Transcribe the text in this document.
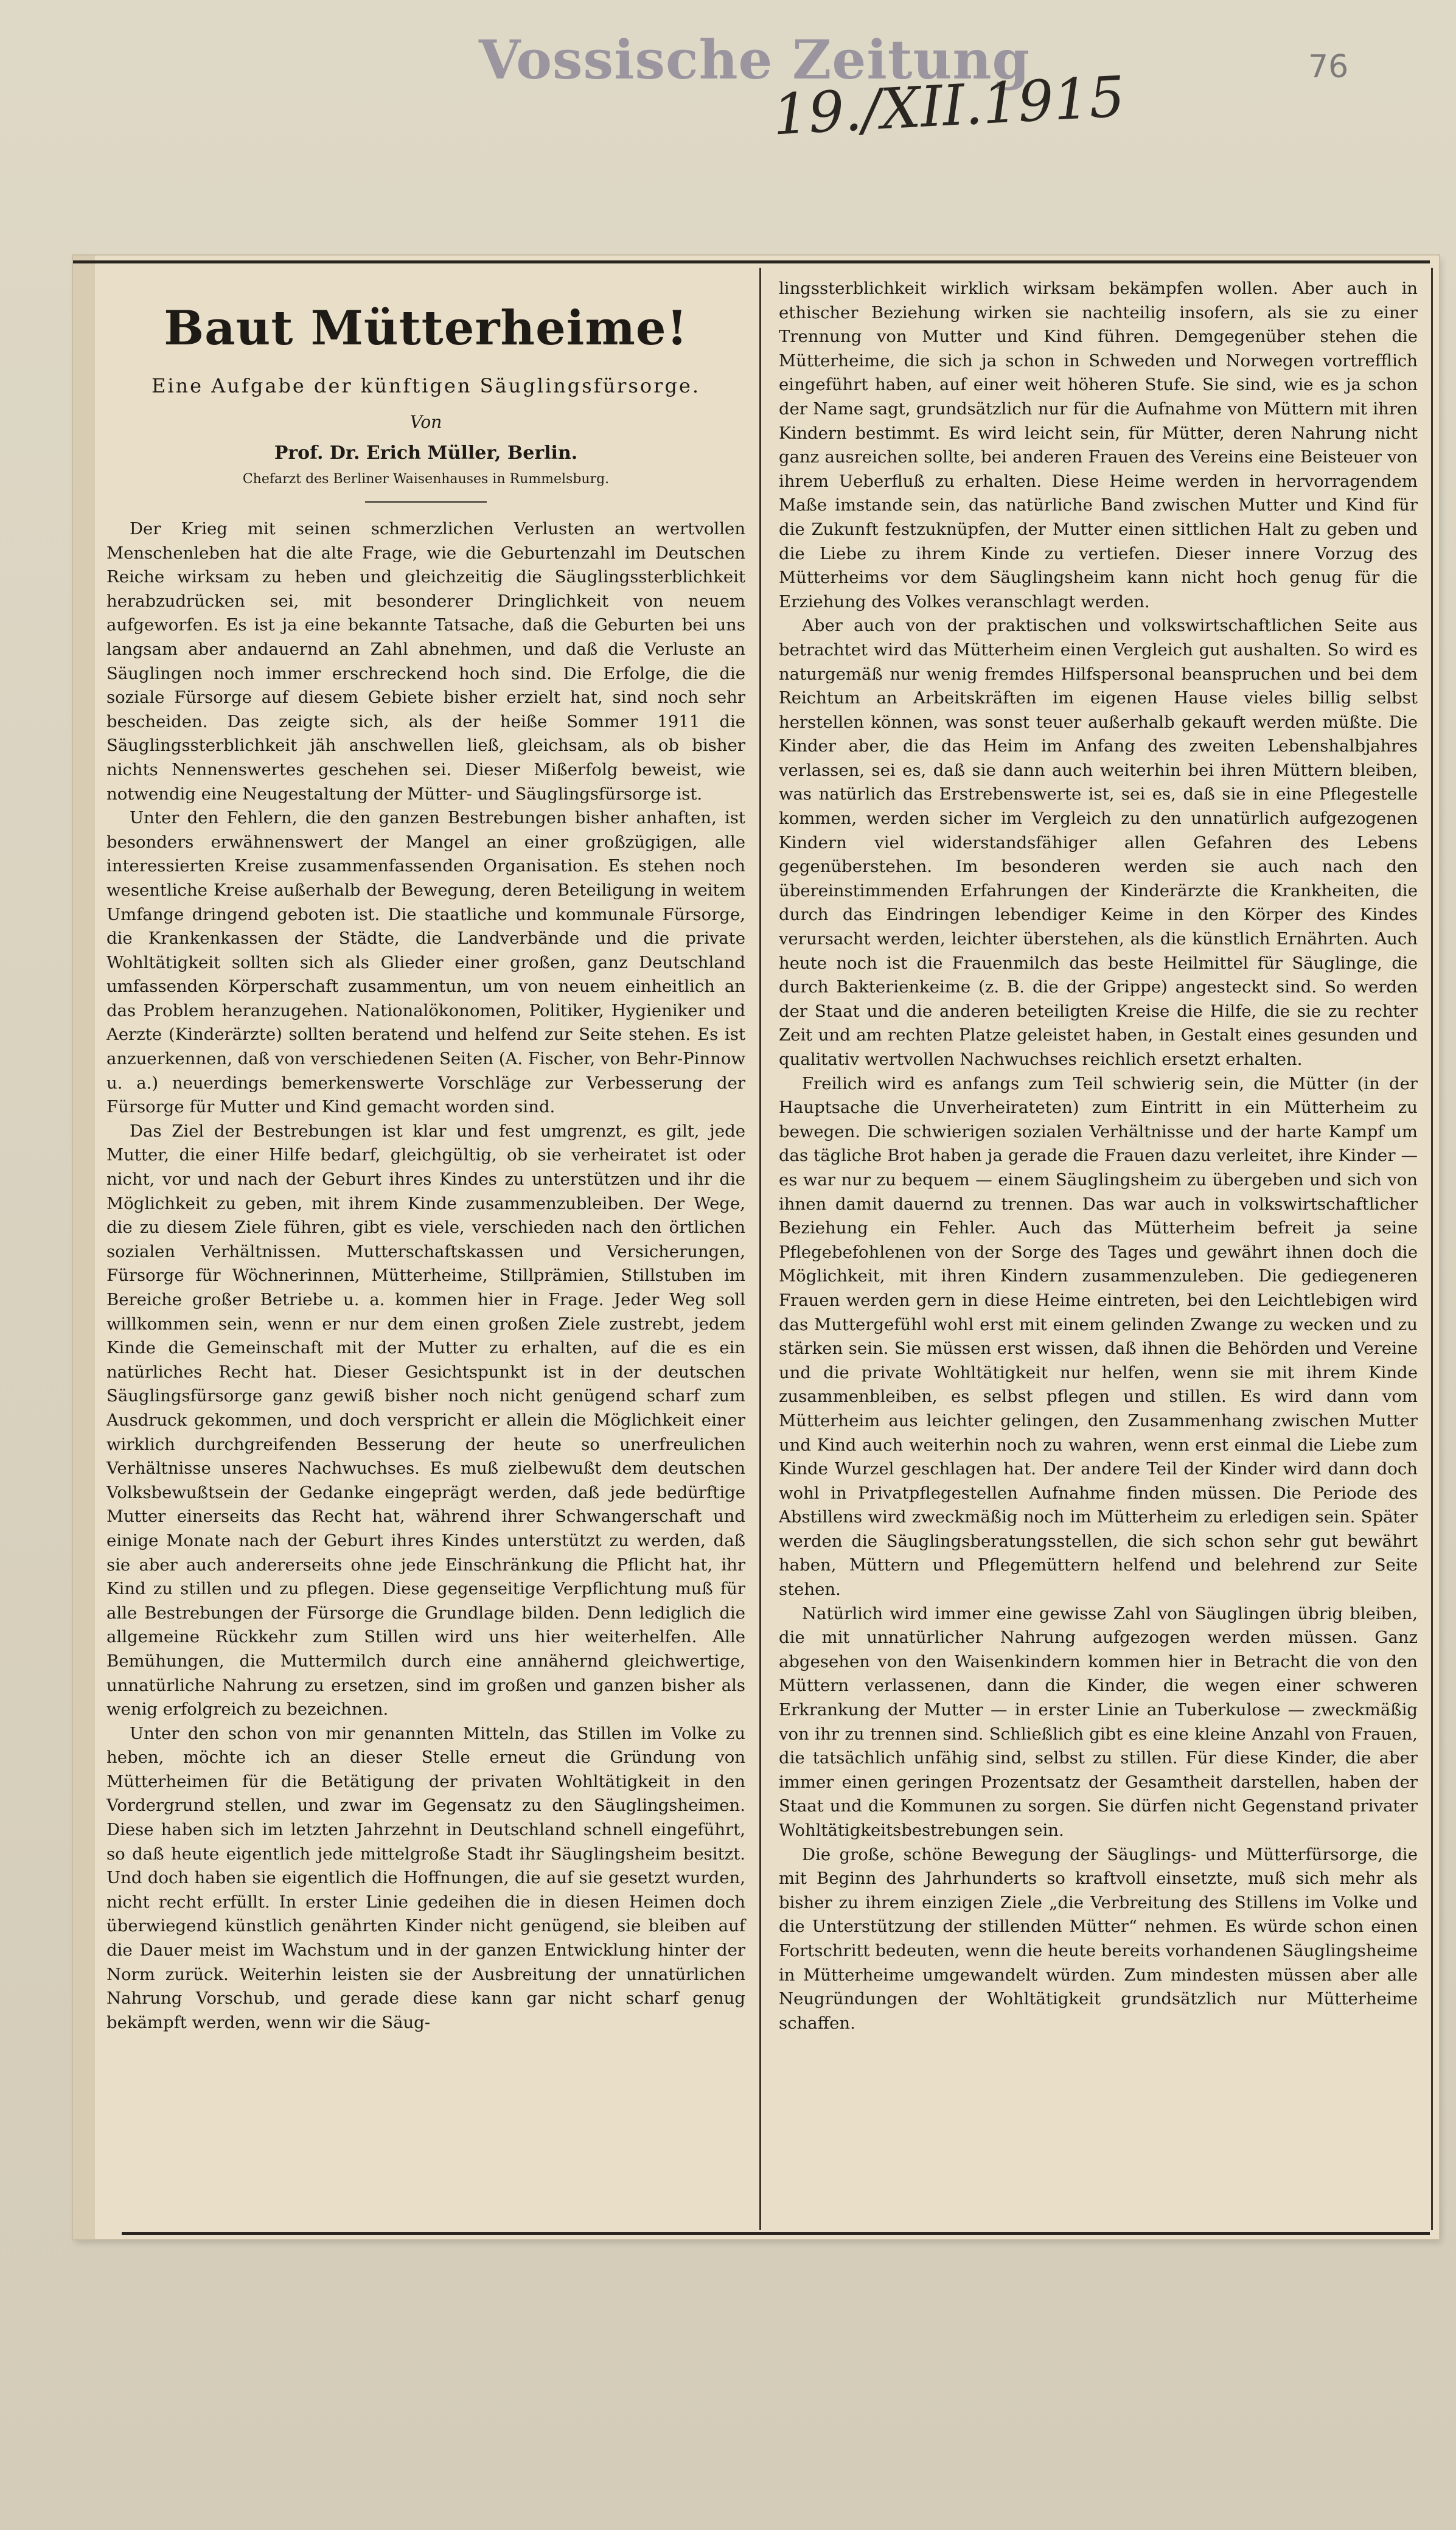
Vossische Zeitung
19./XII.1915	76
Baut Mütterheime!
Eine Aufgabe der künftigen Säuglingsfürsorge.
Von
Prof. Dr. Erich Müller, Berlin.
Chefarzt des Berliner Waisenhauses in Rummelsburg.

Der Krieg mit seinen schmerzlichen Verlusten an wertvollen Menschenleben hat die alte Frage, wie die Geburtenzahl im Deutschen Reiche wirksam zu heben und gleichzeitig die Säuglingssterblichkeit herabzudrücken sei, mit besonderer Dringlichkeit von neuem aufgeworfen. Es ist ja eine bekannte Tatsache, daß die Geburten bei uns langsam aber andauernd an Zahl abnehmen, und daß die Verluste an Säuglingen noch immer erschreckend hoch sind. Die Erfolge, die die soziale Fürsorge auf diesem Gebiete bisher erzielt hat, sind noch sehr bescheiden. Das zeigte sich, als der heiße Sommer 1911 die Säuglingssterblichkeit jäh anschwellen ließ, gleichsam, als ob bisher nichts Nennenswertes geschehen sei. Dieser Mißerfolg beweist, wie notwendig eine Neugestaltung der Mütter- und Säuglingsfürsorge ist.

Unter den Fehlern, die den ganzen Bestrebungen bisher anhaften, ist besonders erwähnenswert der Mangel an einer großzügigen, alle interessierten Kreise zusammenfassenden Organisation. Es stehen noch wesentliche Kreise außerhalb der Bewegung, deren Beteiligung in weitem Umfange dringend geboten ist. Die staatliche und kommunale Fürsorge, die Krankenkassen der Städte, die Landverbände und die private Wohltätigkeit sollten sich als Glieder einer großen, ganz Deutschland umfassenden Körperschaft zusammentun, um von neuem einheitlich an das Problem heranzugehen. Nationalökonomen, Politiker, Hygieniker und Aerzte (Kinderärzte) sollten beratend und helfend zur Seite stehen. Es ist anzuerkennen, daß von verschiedenen Seiten (A. Fischer, von Behr-Pinnow u. a.) neuerdings bemerkenswerte Vorschläge zur Verbesserung der Fürsorge für Mutter und Kind gemacht worden sind.

Das Ziel der Bestrebungen ist klar und fest umgrenzt, es gilt, jede Mutter, die einer Hilfe bedarf, gleichgültig, ob sie verheiratet ist oder nicht, vor und nach der Geburt ihres Kindes zu unterstützen und ihr die Möglichkeit zu geben, mit ihrem Kinde zusammenzubleiben. Der Wege, die zu diesem Ziele führen, gibt es viele, verschieden nach den örtlichen sozialen Verhältnissen. Mutterschaftskassen und Versicherungen, Fürsorge für Wöchnerinnen, Mütterheime, Stillprämien, Stillstuben im Bereiche großer Betriebe u. a. kommen hier in Frage. Jeder Weg soll willkommen sein, wenn er nur dem einen großen Ziele zustrebt, jedem Kinde die Gemeinschaft mit der Mutter zu erhalten, auf die es ein natürliches Recht hat. Dieser Gesichtspunkt ist in der deutschen Säuglingsfürsorge ganz gewiß bisher noch nicht genügend scharf zum Ausdruck gekommen, und doch verspricht er allein die Möglichkeit einer wirklich durchgreifenden Besserung der heute so unerfreulichen Verhältnisse unseres Nachwuchses. Es muß zielbewußt dem deutschen Volksbewußtsein der Gedanke eingeprägt werden, daß jede bedürftige Mutter einerseits das Recht hat, während ihrer Schwangerschaft und einige Monate nach der Geburt ihres Kindes unterstützt zu werden, daß sie aber auch andererseits ohne jede Einschränkung die Pflicht hat, ihr Kind zu stillen und zu pflegen. Diese gegenseitige Verpflichtung muß für alle Bestrebungen der Fürsorge die Grundlage bilden. Denn lediglich die allgemeine Rückkehr zum Stillen wird uns hier weiterhelfen. Alle Bemühungen, die Muttermilch durch eine annähernd gleichwertige, unnatürliche Nahrung zu ersetzen, sind im großen und ganzen bisher als wenig erfolgreich zu bezeichnen.

Unter den schon von mir genannten Mitteln, das Stillen im Volke zu heben, möchte ich an dieser Stelle erneut die Gründung von Mütterheimen für die Betätigung der privaten Wohltätigkeit in den Vordergrund stellen, und zwar im Gegensatz zu den Säuglingsheimen. Diese haben sich im letzten Jahrzehnt in Deutschland schnell eingeführt, so daß heute eigentlich jede mittelgroße Stadt ihr Säuglingsheim besitzt. Und doch haben sie eigentlich die Hoffnungen, die auf sie gesetzt wurden, nicht recht erfüllt. In erster Linie gedeihen die in diesen Heimen doch überwiegend künstlich genährten Kinder nicht genügend, sie bleiben auf die Dauer meist im Wachstum und in der ganzen Entwicklung hinter der Norm zurück. Weiterhin leisten sie der Ausbreitung der unnatürlichen Nahrung Vorschub, und gerade diese kann gar nicht scharf genug bekämpft werden, wenn wir die Säug-

lingssterblichkeit wirklich wirksam bekämpfen wollen. Aber auch in ethischer Beziehung wirken sie nachteilig insofern, als sie zu einer Trennung von Mutter und Kind führen. Demgegenüber stehen die Mütterheime, die sich ja schon in Schweden und Norwegen vortrefflich eingeführt haben, auf einer weit höheren Stufe. Sie sind, wie es ja schon der Name sagt, grundsätzlich nur für die Aufnahme von Müttern mit ihren Kindern bestimmt. Es wird leicht sein, für Mütter, deren Nahrung nicht ganz ausreichen sollte, bei anderen Frauen des Vereins eine Beisteuer von ihrem Ueberfluß zu erhalten. Diese Heime werden in hervorragendem Maße imstande sein, das natürliche Band zwischen Mutter und Kind für die Zukunft festzuknüpfen, der Mutter einen sittlichen Halt zu geben und die Liebe zu ihrem Kinde zu vertiefen. Dieser innere Vorzug des Mütterheims vor dem Säuglingsheim kann nicht hoch genug für die Erziehung des Volkes veranschlagt werden.

Aber auch von der praktischen und volkswirtschaftlichen Seite aus betrachtet wird das Mütterheim einen Vergleich gut aushalten. So wird es naturgemäß nur wenig fremdes Hilfspersonal beanspruchen und bei dem Reichtum an Arbeitskräften im eigenen Hause vieles billig selbst herstellen können, was sonst teuer außerhalb gekauft werden müßte. Die Kinder aber, die das Heim im Anfang des zweiten Lebenshalbjahres verlassen, sei es, daß sie dann auch weiterhin bei ihren Müttern bleiben, was natürlich das Erstrebenswerte ist, sei es, daß sie in eine Pflegestelle kommen, werden sicher im Vergleich zu den unnatürlich aufgezogenen Kindern viel widerstandsfähiger allen Gefahren des Lebens gegenüberstehen. Im besonderen werden sie auch nach den übereinstimmenden Erfahrungen der Kinderärzte die Krankheiten, die durch das Eindringen lebendiger Keime in den Körper des Kindes verursacht werden, leichter überstehen, als die künstlich Ernährten. Auch heute noch ist die Frauenmilch das beste Heilmittel für Säuglinge, die durch Bakterienkeime (z. B. die der Grippe) angesteckt sind. So werden der Staat und die anderen beteiligten Kreise die Hilfe, die sie zu rechter Zeit und am rechten Platze geleistet haben, in Gestalt eines gesunden und qualitativ wertvollen Nachwuchses reichlich ersetzt erhalten.

Freilich wird es anfangs zum Teil schwierig sein, die Mütter (in der Hauptsache die Unverheirateten) zum Eintritt in ein Mütterheim zu bewegen. Die schwierigen sozialen Verhältnisse und der harte Kampf um das tägliche Brot haben ja gerade die Frauen dazu verleitet, ihre Kinder — es war nur zu bequem — einem Säuglingsheim zu übergeben und sich von ihnen damit dauernd zu trennen. Das war auch in volkswirtschaftlicher Beziehung ein Fehler. Auch das Mütterheim befreit ja seine Pflegebefohlenen von der Sorge des Tages und gewährt ihnen doch die Möglichkeit, mit ihren Kindern zusammenzuleben. Die gediegeneren Frauen werden gern in diese Heime eintreten, bei den Leichtlebigen wird das Muttergefühl wohl erst mit einem gelinden Zwange zu wecken und zu stärken sein. Sie müssen erst wissen, daß ihnen die Behörden und Vereine und die private Wohltätigkeit nur helfen, wenn sie mit ihrem Kinde zusammenbleiben, es selbst pflegen und stillen. Es wird dann vom Mütterheim aus leichter gelingen, den Zusammenhang zwischen Mutter und Kind auch weiterhin noch zu wahren, wenn erst einmal die Liebe zum Kinde Wurzel geschlagen hat. Der andere Teil der Kinder wird dann doch wohl in Privatpflegestellen Aufnahme finden müssen. Die Periode des Abstillens wird zweckmäßig noch im Mütterheim zu erledigen sein. Später werden die Säuglingsberatungsstellen, die sich schon sehr gut bewährt haben, Müttern und Pflegemüttern helfend und belehrend zur Seite stehen.

Natürlich wird immer eine gewisse Zahl von Säuglingen übrig bleiben, die mit unnatürlicher Nahrung aufgezogen werden müssen. Ganz abgesehen von den Waisenkindern kommen hier in Betracht die von den Müttern verlassenen, dann die Kinder, die wegen einer schweren Erkrankung der Mutter — in erster Linie an Tuberkulose — zweckmäßig von ihr zu trennen sind. Schließlich gibt es eine kleine Anzahl von Frauen, die tatsächlich unfähig sind, selbst zu stillen. Für diese Kinder, die aber immer einen geringen Prozentsatz der Gesamtheit darstellen, haben der Staat und die Kommunen zu sorgen. Sie dürfen nicht Gegenstand privater Wohltätigkeitsbestrebungen sein.

Die große, schöne Bewegung der Säuglings- und Mütterfürsorge, die mit Beginn des Jahrhunderts so kraftvoll einsetzte, muß sich mehr als bisher zu ihrem einzigen Ziele „die Verbreitung des Stillens im Volke und die Unterstützung der stillenden Mütter“ nehmen. Es würde schon einen Fortschritt bedeuten, wenn die heute bereits vorhandenen Säuglingsheime in Mütterheime umgewandelt würden. Zum mindesten müssen aber alle Neugründungen der Wohltätigkeit grundsätzlich nur Mütterheime schaffen.
